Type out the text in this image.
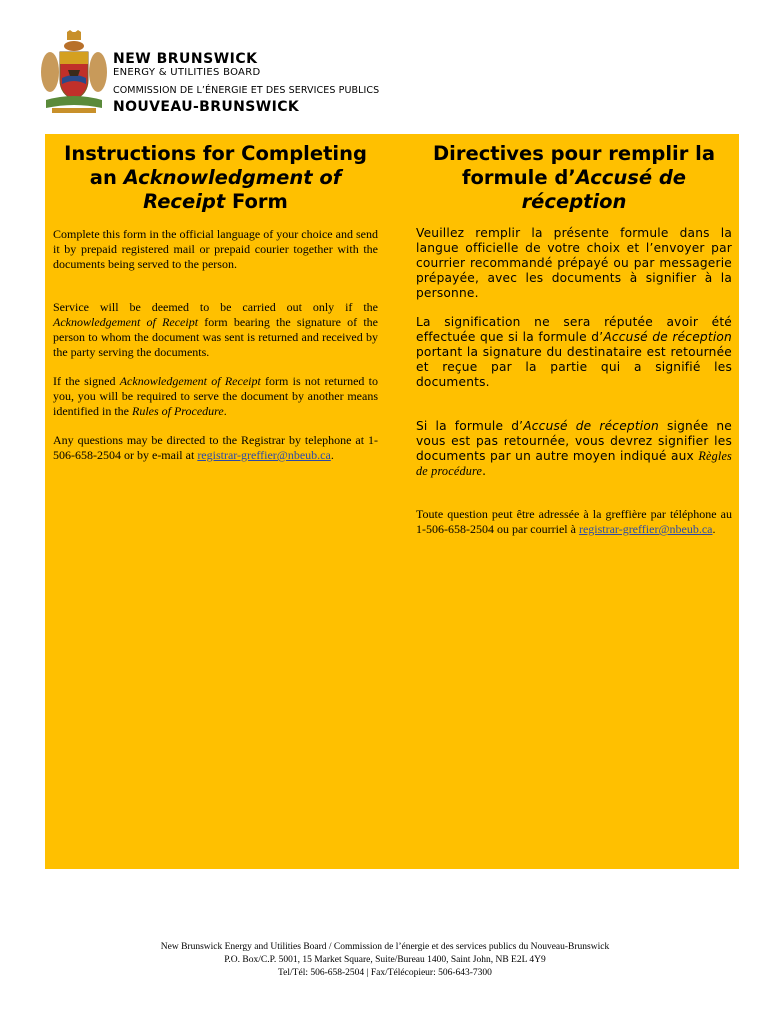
NEW BRUNSWICK
ENERGY & UTILITIES BOARD
COMMISSION DE L’ÉNERGIE ET DES SERVICES PUBLICS
NOUVEAU-BRUNSWICK
Instructions for Completing
an Acknowledgment of
Receipt Form

Complete this form in the official language of your choice and send it by prepaid registered mail or prepaid courier together with the documents being served to the person.

Service will be deemed to be carried out only if the Acknowledgement of Receipt form bearing the signature of the person to whom the document was sent is returned and received by the party serving the documents.

If the signed Acknowledgement of Receipt form is not returned to you, you will be required to serve the document by another means identified in the Rules of Procedure.

Any questions may be directed to the Registrar by telephone at 1-506-658-2504 or by e-mail at registrar-greffier@nbeub.ca.

Directives pour remplir la
formule d’Accusé de
réception

Veuillez remplir la présente formule dans la langue officielle de votre choix et l’envoyer par courrier recommandé prépayé ou par messagerie prépayée, avec les documents à signifier à la personne.

La signification ne sera réputée avoir été effectuée que si la formule d’Accusé de réception portant la signature du destinataire est retournée et reçue par la partie qui a signifié les documents.

Si la formule d’Accusé de réception signée ne vous est pas retournée, vous devrez signifier les documents par un autre moyen indiqué aux Règles de procédure.

Toute question peut être adressée à la greffière par téléphone au 1-506-658-2504 ou par courriel à registrar-greffier@nbeub.ca.

New Brunswick Energy and Utilities Board / Commission de l’énergie et des services publics du Nouveau-Brunswick
P.O. Box/C.P. 5001, 15 Market Square, Suite/Bureau 1400, Saint John, NB E2L 4Y9
Tel/Tél: 506-658-2504 | Fax/Télécopieur: 506-643-7300
